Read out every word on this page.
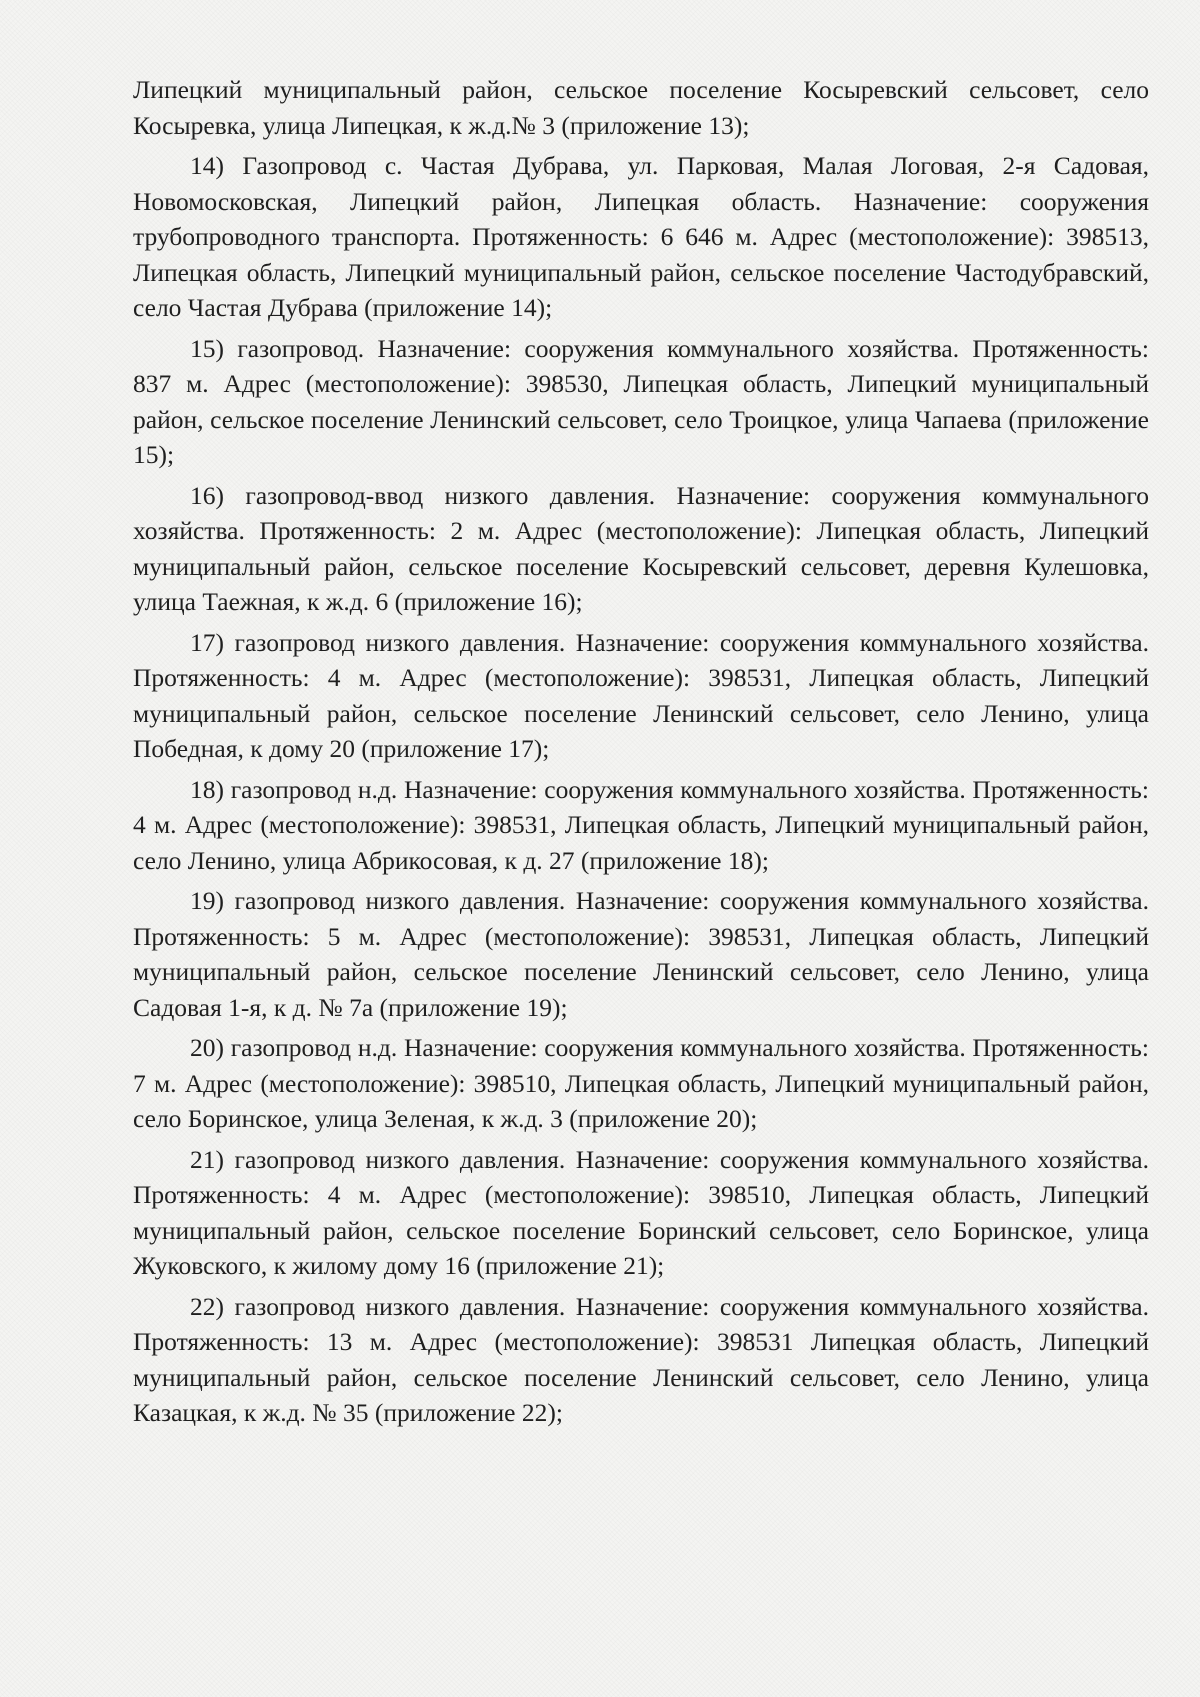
Липецкий муниципальный район, сельское поселение Косыревский сельсовет, село Косыревка, улица Липецкая, к ж.д.№ 3 (приложение 13);

14) Газопровод с. Частая Дубрава, ул. Парковая, Малая Логовая, 2-я Садовая, Новомосковская, Липецкий район, Липецкая область. Назначение: сооружения трубопроводного транспорта. Протяженность: 6 646 м. Адрес (местоположение): 398513, Липецкая область, Липецкий муниципальный район, сельское поселение Частодубравский, село Частая Дубрава (приложение 14);

15) газопровод. Назначение: сооружения коммунального хозяйства. Протяженность: 837 м. Адрес (местоположение): 398530, Липецкая область, Липецкий муниципальный район, сельское поселение Ленинский сельсовет, село Троицкое, улица Чапаева (приложение 15);

16) газопровод-ввод низкого давления. Назначение: сооружения коммунального хозяйства. Протяженность: 2 м. Адрес (местоположение): Липецкая область, Липецкий муниципальный район, сельское поселение Косыревский сельсовет, деревня Кулешовка, улица Таежная, к ж.д. 6 (приложение 16);

17) газопровод низкого давления. Назначение: сооружения коммунального хозяйства. Протяженность: 4 м. Адрес (местоположение): 398531, Липецкая область, Липецкий муниципальный район, сельское поселение Ленинский сельсовет, село Ленино, улица Победная, к дому 20 (приложение 17);

18) газопровод н.д. Назначение: сооружения коммунального хозяйства. Протяженность: 4 м. Адрес (местоположение): 398531, Липецкая область, Липецкий муниципальный район, село Ленино, улица Абрикосовая, к д. 27 (приложение 18);

19) газопровод низкого давления. Назначение: сооружения коммунального хозяйства. Протяженность: 5 м. Адрес (местоположение): 398531, Липецкая область, Липецкий муниципальный район, сельское поселение Ленинский сельсовет, село Ленино, улица Садовая 1-я, к д. № 7а (приложение 19);

20) газопровод н.д. Назначение: сооружения коммунального хозяйства. Протяженность: 7 м. Адрес (местоположение): 398510, Липецкая область, Липецкий муниципальный район, село Боринское, улица Зеленая, к ж.д. 3 (приложение 20);

21) газопровод низкого давления. Назначение: сооружения коммунального хозяйства. Протяженность: 4 м. Адрес (местоположение): 398510, Липецкая область, Липецкий муниципальный район, сельское поселение Боринский сельсовет, село Боринское, улица Жуковского, к жилому дому 16 (приложение 21);

22) газопровод низкого давления. Назначение: сооружения коммунального хозяйства. Протяженность: 13 м. Адрес (местоположение): 398531 Липецкая область, Липецкий муниципальный район, сельское поселение Ленинский сельсовет, село Ленино, улица Казацкая, к ж.д. № 35 (приложение 22);
